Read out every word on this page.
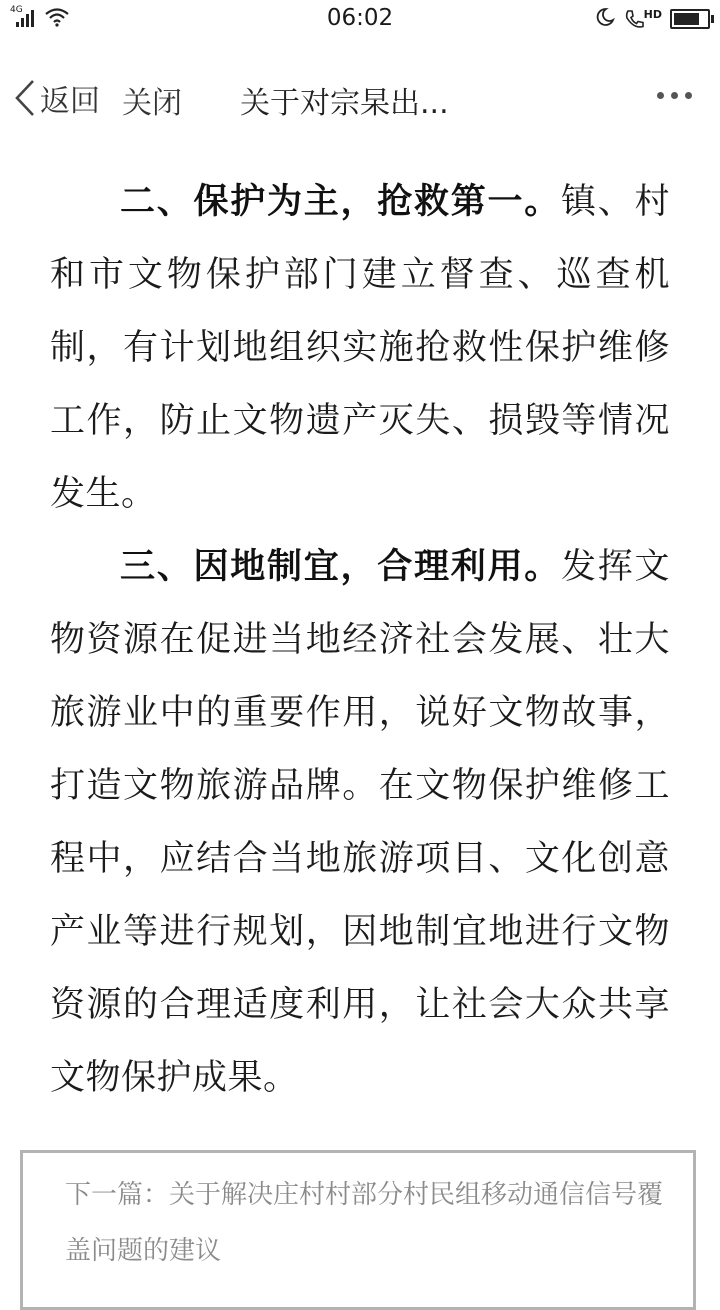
4G	06:02	HD
返回 关闭 关于对宗杲出...

二、保护为主，抢救第一。镇、村和市文物保护部门建立督查、巡查机制，有计划地组织实施抢救性保护维修工作，防止文物遗产灭失、损毁等情况发生。

三、因地制宜，合理利用。发挥文物资源在促进当地经济社会发展、壮大旅游业中的重要作用，说好文物故事，打造文物旅游品牌。在文物保护维修工程中，应结合当地旅游项目、文化创意产业等进行规划，因地制宜地进行文物资源的合理适度利用，让社会大众共享文物保护成果。

下一篇：关于解决庄村村部分村民组移动通信信号覆盖问题的建议
